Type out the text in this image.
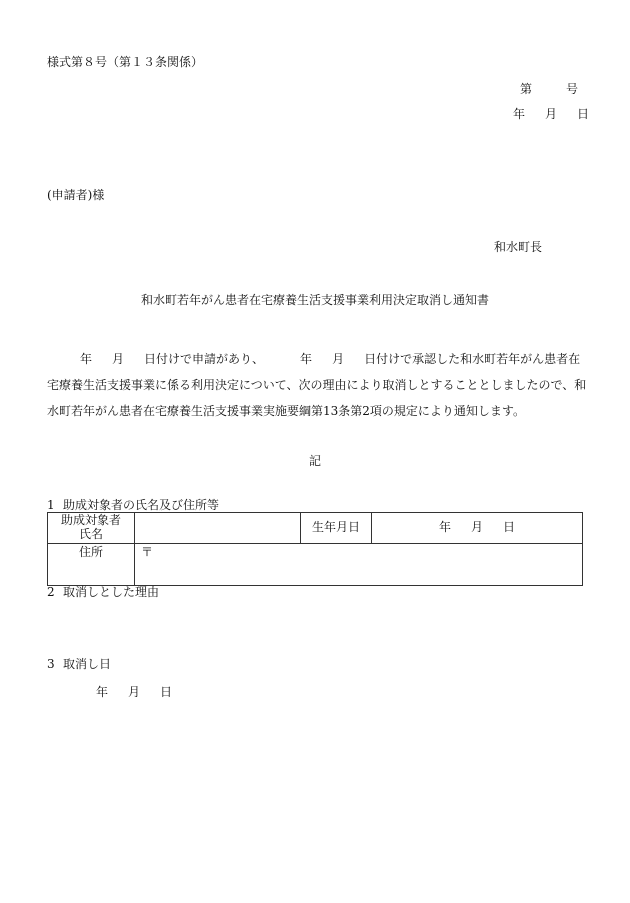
様式第８号（第１３条関係）
第	号
年 月 日
(申請者)様
和水町長
和水町若年がん患者在宅療養生活支援事業利用決定取消し通知書
年 月 日付けで申請があり、	年 月 日付けで承認した和水町若年がん患者在宅療養生活支援事業に係る利用決定について、次の理由により取消しとすることとしましたので、和水町若年がん患者在宅療養生活支援事業実施要綱第13条第2項の規定により通知します。
記
1 助成対象者の氏名及び住所等
助成対象者
氏名		生年月日	年 月 日
住所	〒		
2 取消しとした理由
3 取消し日
年 月 日
